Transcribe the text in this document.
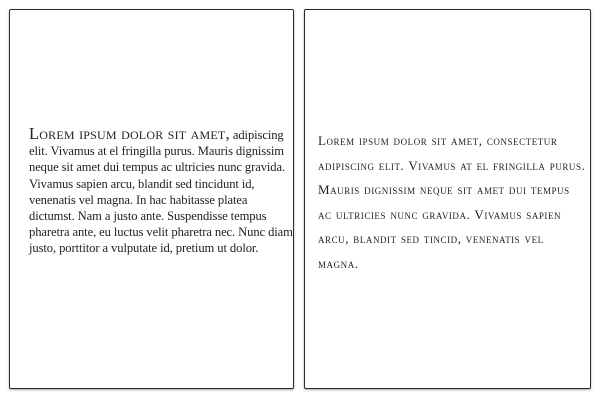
Lorem ipsum dolor sit amet, adipiscing elit. Vivamus at el fringilla purus. Mauris dignissim neque sit amet dui tempus ac ultricies nunc gravida. Vivamus sapien arcu, blandit sed tincidunt id, venenatis vel magna. In hac habitasse platea dictumst. Nam a justo ante. Suspendisse tempus pharetra ante, eu luctus velit pharetra nec. Nunc diam justo, porttitor a vulputate id, pretium ut dolor.
Lorem ipsum dolor sit amet, consectetur adipiscing elit. Vivamus at el fringilla purus. Mauris dignissim neque sit amet dui tempus ac ultricies nunc gravida. Vivamus sapien arcu, blandit sed tincid, venenatis vel magna.
